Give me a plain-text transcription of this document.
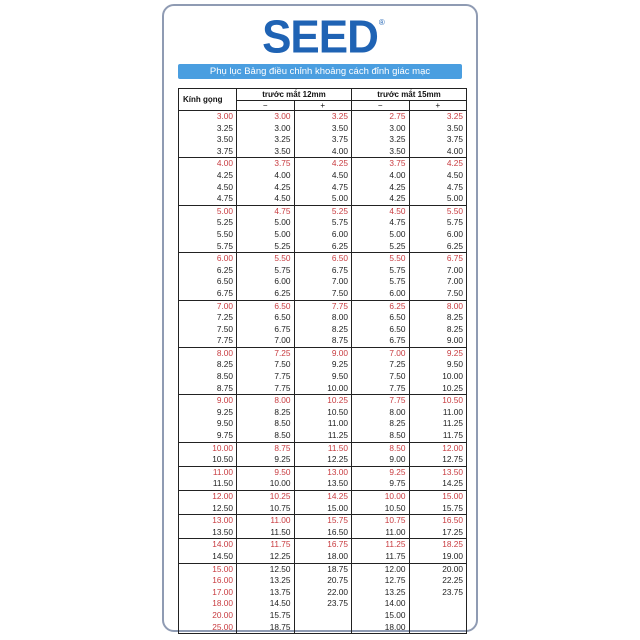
SEED ®
Phụ lục Bảng điều chỉnh khoảng cách đỉnh giác mạc
Kính gọng	trước mắt 12mm		trước mắt 15mm	
	−	+	−	+
3.00	3.00	3.25	2.75	3.25
3.25	3.00	3.50	3.00	3.50
3.50	3.25	3.75	3.25	3.75
3.75	3.50	4.00	3.50	4.00
4.00	3.75	4.25	3.75	4.25
4.25	4.00	4.50	4.00	4.50
4.50	4.25	4.75	4.25	4.75
4.75	4.50	5.00	4.25	5.00
5.00	4.75	5.25	4.50	5.50
5.25	5.00	5.75	4.75	5.75
5.50	5.00	6.00	5.00	6.00
5.75	5.25	6.25	5.25	6.25
6.00	5.50	6.50	5.50	6.75
6.25	5.75	6.75	5.75	7.00
6.50	6.00	7.00	5.75	7.00
6.75	6.25	7.50	6.00	7.50
7.00	6.50	7.75	6.25	8.00
7.25	6.50	8.00	6.50	8.25
7.50	6.75	8.25	6.50	8.25
7.75	7.00	8.75	6.75	9.00
8.00	7.25	9.00	7.00	9.25
8.25	7.50	9.25	7.25	9.50
8.50	7.75	9.50	7.50	10.00
8.75	7.75	10.00	7.75	10.25
9.00	8.00	10.25	7.75	10.50
9.25	8.25	10.50	8.00	11.00
9.50	8.50	11.00	8.25	11.25
9.75	8.50	11.25	8.50	11.75
10.00	8.75	11.50	8.50	12.00
10.50	9.25	12.25	9.00	12.75
11.00	9.50	13.00	9.25	13.50
11.50	10.00	13.50	9.75	14.25
12.00	10.25	14.25	10.00	15.00
12.50	10.75	15.00	10.50	15.75
13.00	11.00	15.75	10.75	16.50
13.50	11.50	16.50	11.00	17.25
14.00	11.75	16.75	11.25	18.25
14.50	12.25	18.00	11.75	19.00
15.00	12.50	18.75	12.00	20.00
16.00	13.25	20.75	12.75	22.25
17.00	13.75	22.00	13.25	23.75
18.00	14.50	23.75	14.00	
20.00	15.75		15.00	
25.00	18.75		18.00	
